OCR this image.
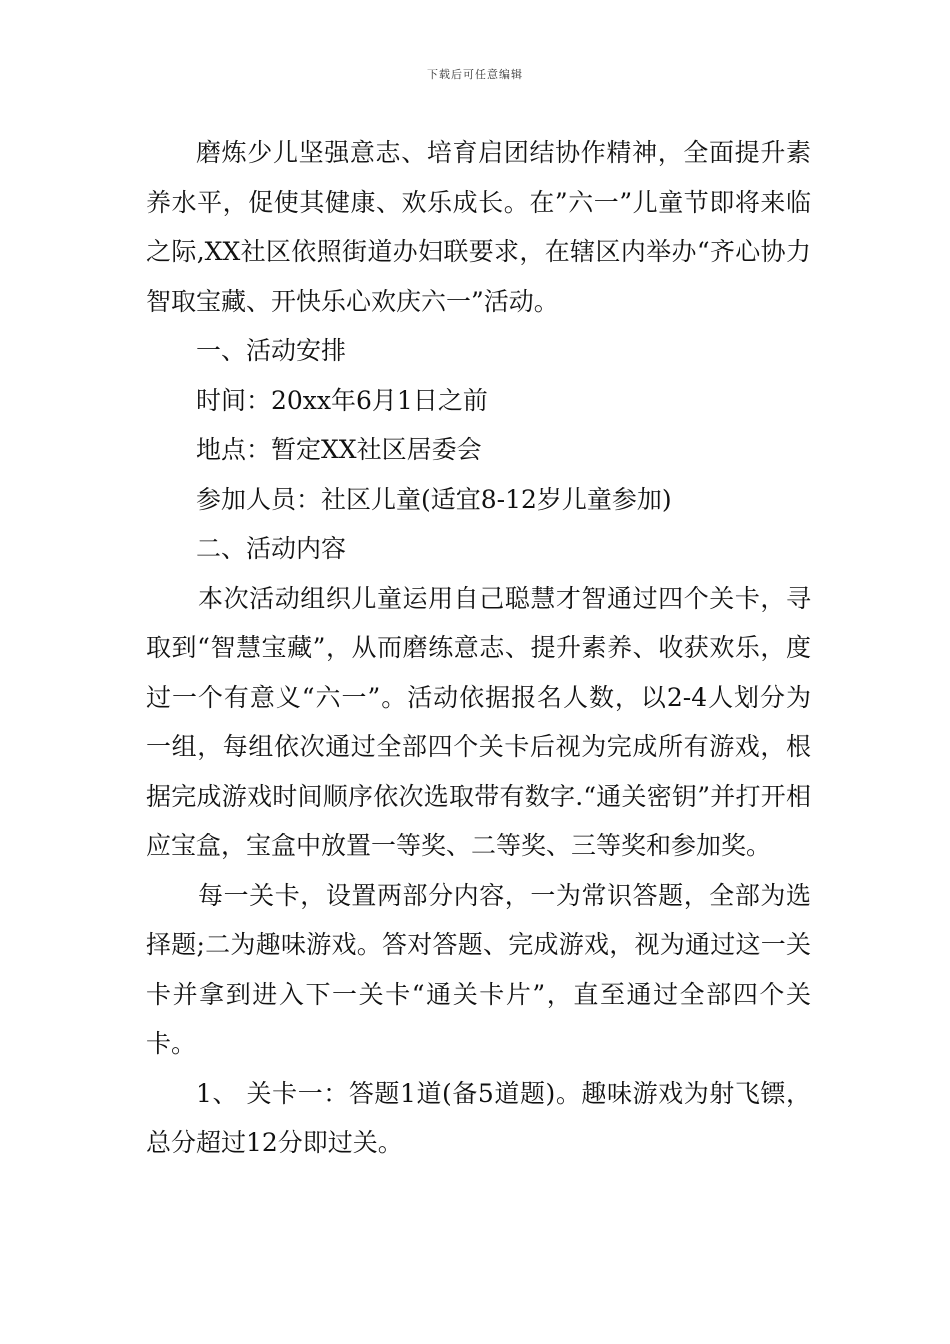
下载后可任意编辑

磨炼少儿坚强意志、培育启团结协作精神，全面提升素养水平，促使其健康、欢乐成长。在”六一”儿童节即将来临之际,XX社区依照街道办妇联要求，在辖区内举办“齐心协力智取宝藏、开快乐心欢庆六一”活动。

一、活动安排

时间：20xx年6月1日之前

地点：暂定XX社区居委会

参加人员：社区儿童(适宜8-12岁儿童参加)

二、活动内容

本次活动组织儿童运用自己聪慧才智通过四个关卡，寻取到“智慧宝藏”，从而磨练意志、提升素养、收获欢乐，度过一个有意义“六一”。活动依据报名人数，以2-4人划分为一组，每组依次通过全部四个关卡后视为完成所有游戏，根据完成游戏时间顺序依次选取带有数字.“通关密钥”并打开相应宝盒，宝盒中放置一等奖、二等奖、三等奖和参加奖。

每一关卡，设置两部分内容，一为常识答题，全部为选择题;二为趣味游戏。答对答题、完成游戏，视为通过这一关卡并拿到进入下一关卡“通关卡片”，直至通过全部四个关卡。

1、 关卡一：答题1道(备5道题)。趣味游戏为射飞镖，总分超过12分即过关。
